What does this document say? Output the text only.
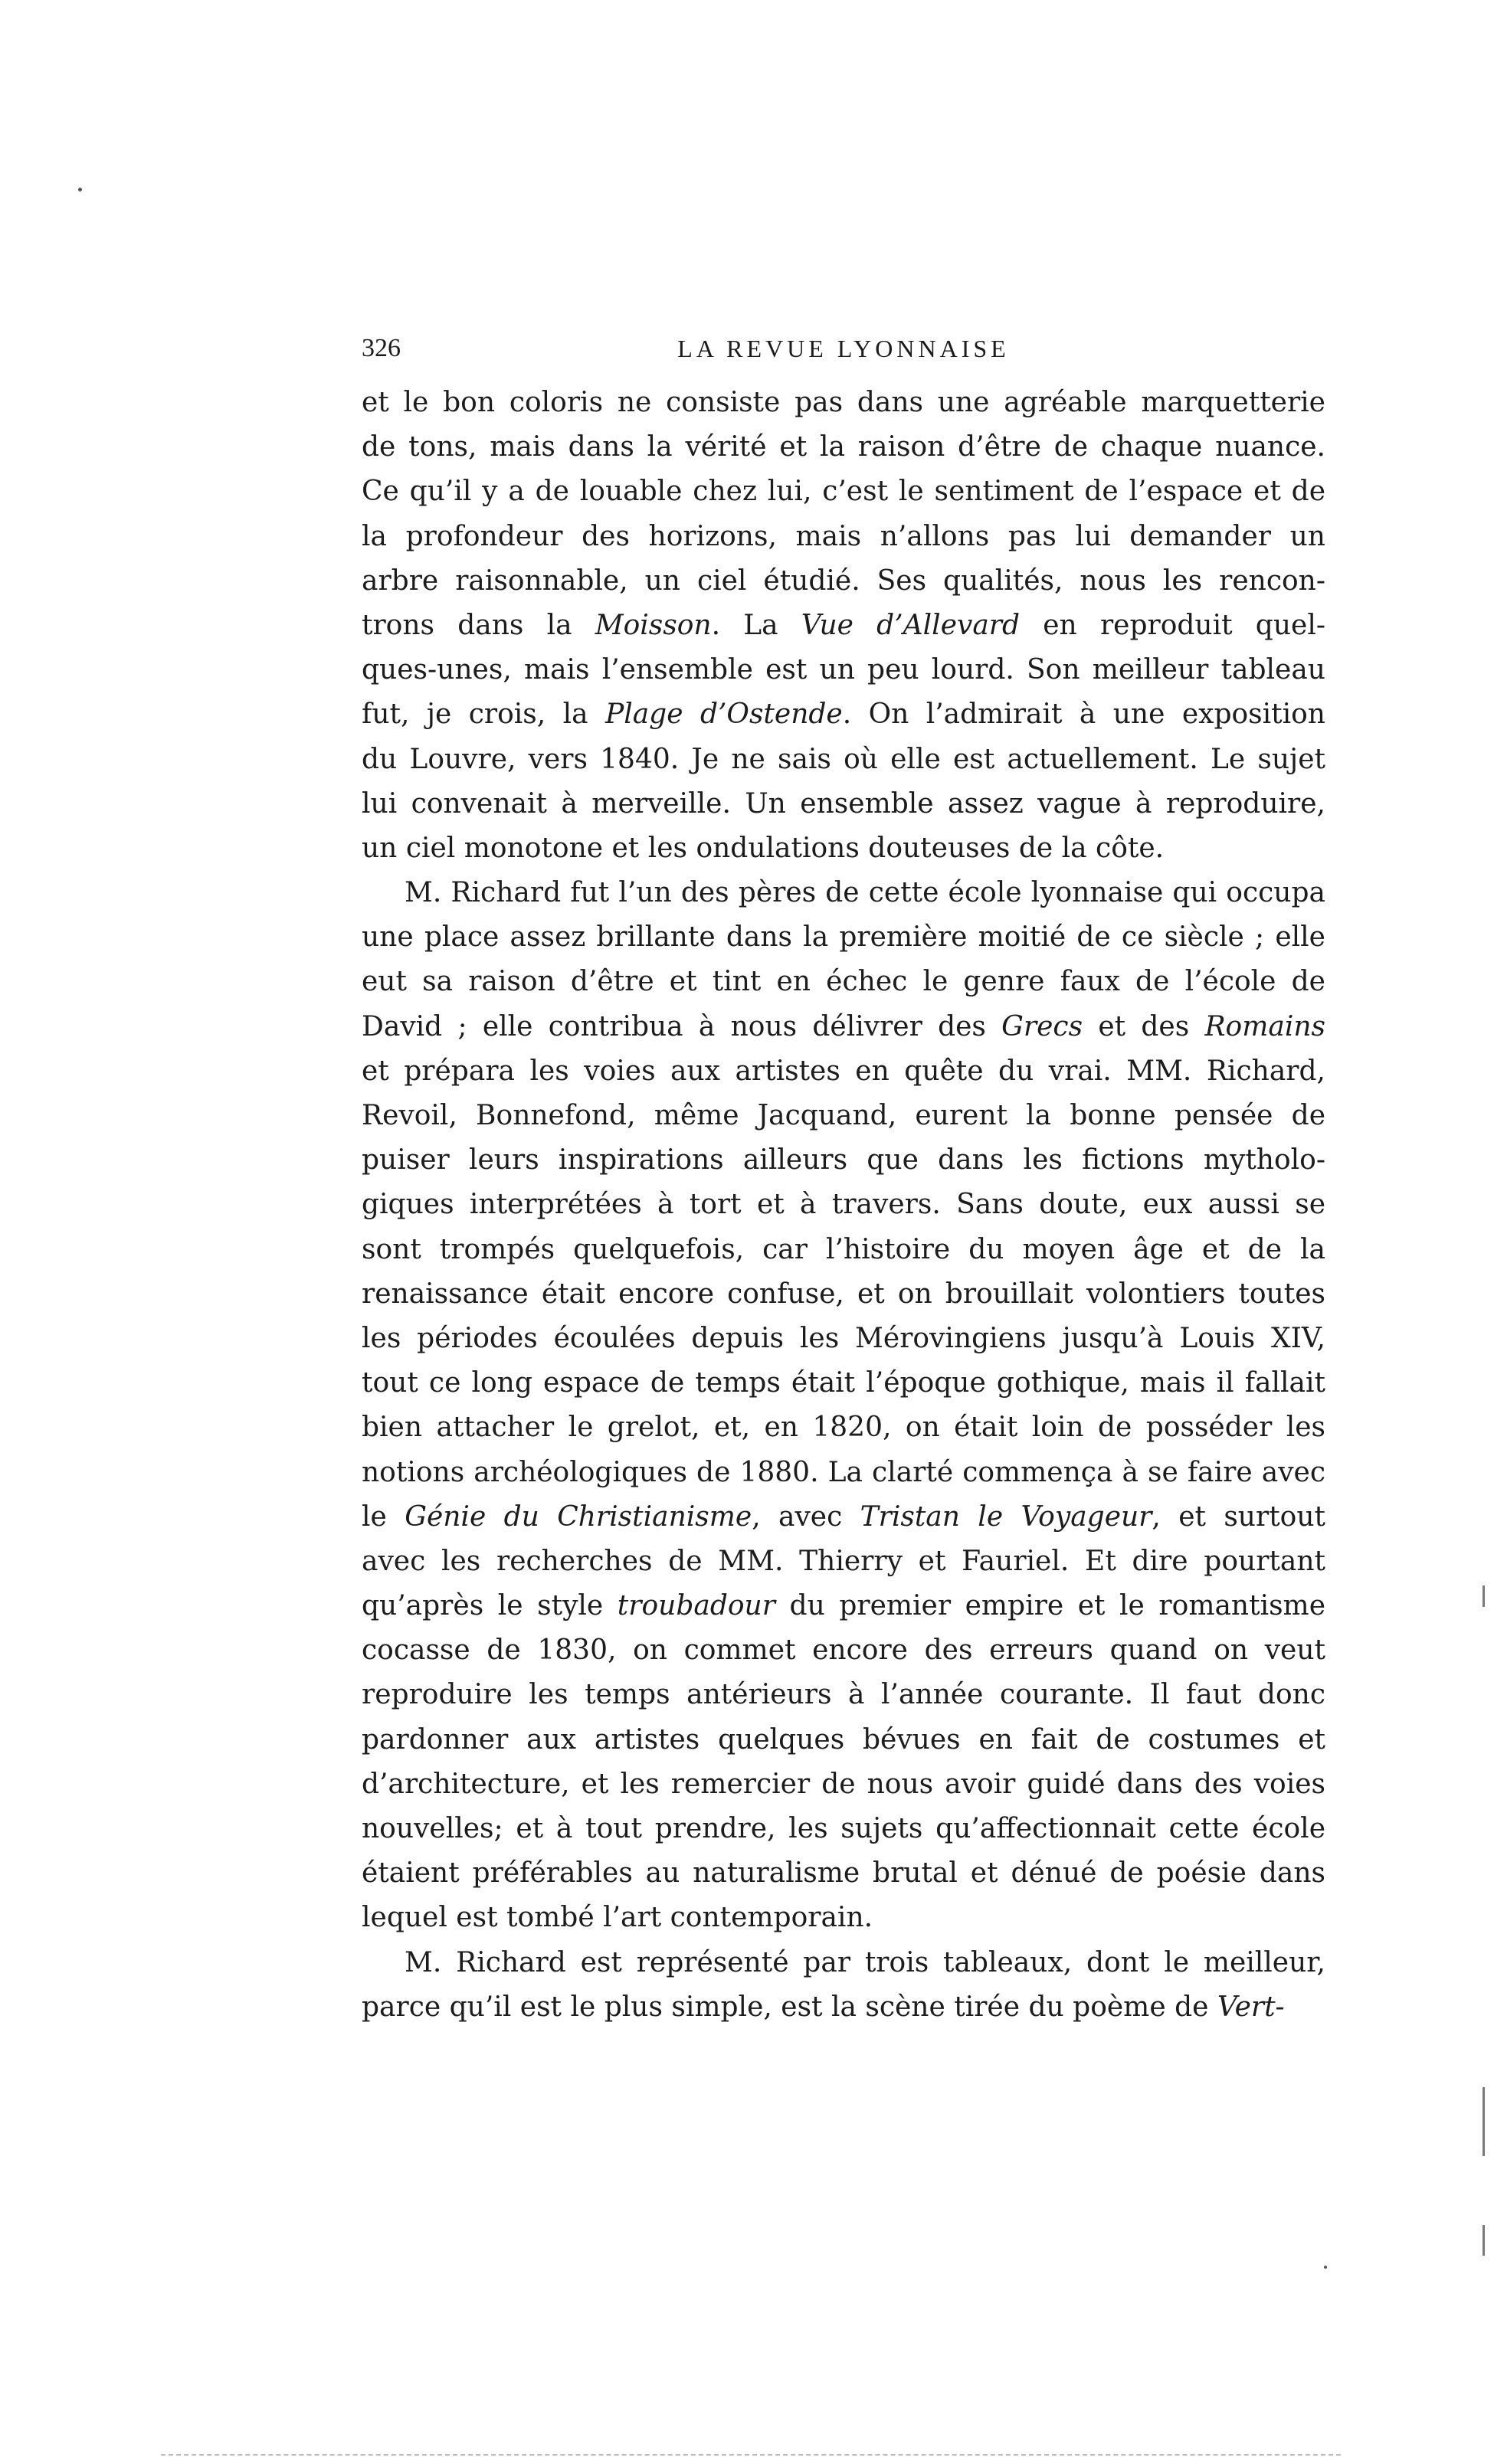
326	LA REVUE LYONNAISE
et le bon coloris ne consiste pas dans une agréable marquetterie
de tons, mais dans la vérité et la raison d’être de chaque nuance.
Ce qu’il y a de louable chez lui, c’est le sentiment de l’espace et de
la profondeur des horizons, mais n’allons pas lui demander un
arbre raisonnable, un ciel étudié. Ses qualités, nous les rencon-
trons dans la Moisson. La Vue d’Allevard en reproduit quel-
ques-unes, mais l’ensemble est un peu lourd. Son meilleur tableau
fut, je crois, la Plage d’Ostende. On l’admirait à une exposition
du Louvre, vers 1840. Je ne sais où elle est actuellement. Le sujet
lui convenait à merveille. Un ensemble assez vague à reproduire,
un ciel monotone et les ondulations douteuses de la côte.
M. Richard fut l’un des pères de cette école lyonnaise qui occupa
une place assez brillante dans la première moitié de ce siècle ; elle
eut sa raison d’être et tint en échec le genre faux de l’école de
David ; elle contribua à nous délivrer des Grecs et des Romains
et prépara les voies aux artistes en quête du vrai. MM. Richard,
Revoil, Bonnefond, même Jacquand, eurent la bonne pensée de
puiser leurs inspirations ailleurs que dans les fictions mytholo-
giques interprétées à tort et à travers. Sans doute, eux aussi se
sont trompés quelquefois, car l’histoire du moyen âge et de la
renaissance était encore confuse, et on brouillait volontiers toutes
les périodes écoulées depuis les Mérovingiens jusqu’à Louis XIV,
tout ce long espace de temps était l’époque gothique, mais il fallait
bien attacher le grelot, et, en 1820, on était loin de posséder les
notions archéologiques de 1880. La clarté commença à se faire avec
le Génie du Christianisme, avec Tristan le Voyageur, et surtout
avec les recherches de MM. Thierry et Fauriel. Et dire pourtant
qu’après le style troubadour du premier empire et le romantisme
cocasse de 1830, on commet encore des erreurs quand on veut
reproduire les temps antérieurs à l’année courante. Il faut donc
pardonner aux artistes quelques bévues en fait de costumes et
d’architecture, et les remercier de nous avoir guidé dans des voies
nouvelles; et à tout prendre, les sujets qu’affectionnait cette école
étaient préférables au naturalisme brutal et dénué de poésie dans
lequel est tombé l’art contemporain.
M. Richard est représenté par trois tableaux, dont le meilleur,
parce qu’il est le plus simple, est la scène tirée du poème de Vert-
